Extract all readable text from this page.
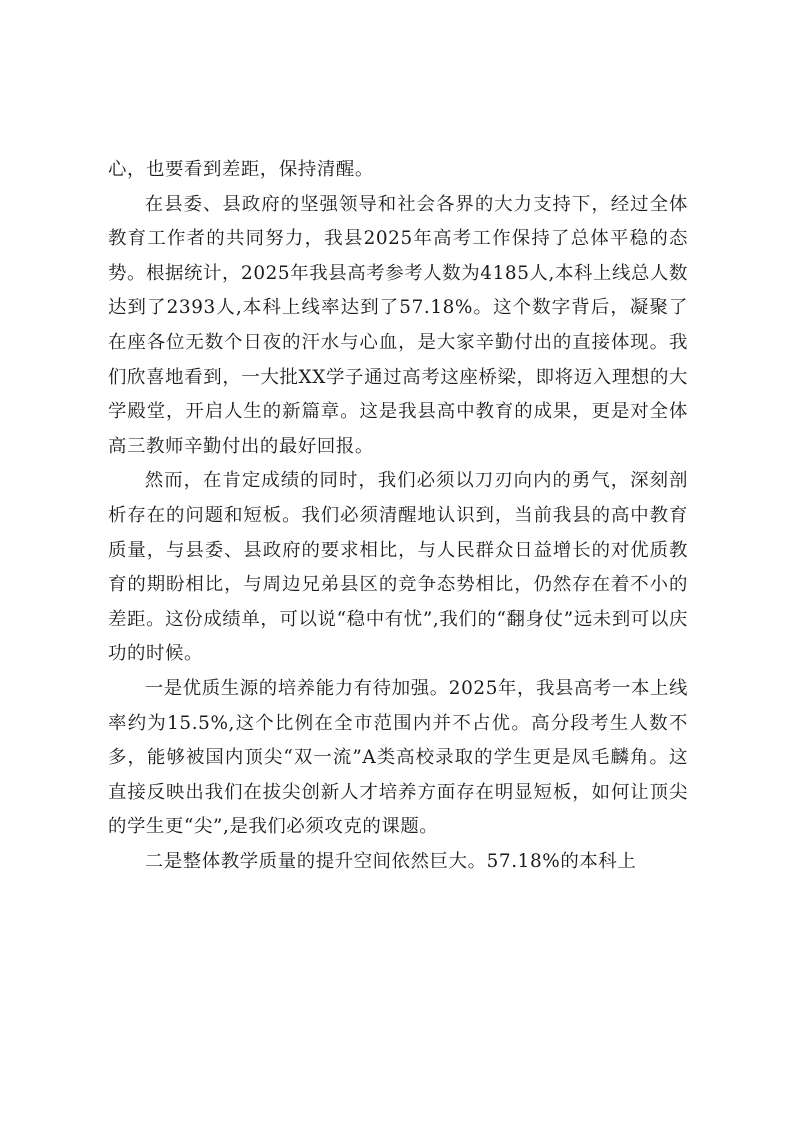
心，也要看到差距，保持清醒。

在县委、县政府的坚强领导和社会各界的大力支持下，经过全体教育工作者的共同努力，我县2025年高考工作保持了总体平稳的态势。根据统计，2025年我县高考参考人数为4185人,本科上线总人数达到了2393人,本科上线率达到了57.18%。这个数字背后，凝聚了在座各位无数个日夜的汗水与心血，是大家辛勤付出的直接体现。我们欣喜地看到，一大批XX学子通过高考这座桥梁，即将迈入理想的大学殿堂，开启人生的新篇章。这是我县高中教育的成果，更是对全体高三教师辛勤付出的最好回报。

然而，在肯定成绩的同时，我们必须以刀刃向内的勇气，深刻剖析存在的问题和短板。我们必须清醒地认识到，当前我县的高中教育质量，与县委、县政府的要求相比，与人民群众日益增长的对优质教育的期盼相比，与周边兄弟县区的竞争态势相比，仍然存在着不小的差距。这份成绩单，可以说“稳中有忧”,我们的“翻身仗”远未到可以庆功的时候。

一是优质生源的培养能力有待加强。2025年，我县高考一本上线率约为15.5%,这个比例在全市范围内并不占优。高分段考生人数不多，能够被国内顶尖“双一流”A类高校录取的学生更是凤毛麟角。这直接反映出我们在拔尖创新人才培养方面存在明显短板，如何让顶尖的学生更“尖”,是我们必须攻克的课题。

二是整体教学质量的提升空间依然巨大。57.18%的本科上
